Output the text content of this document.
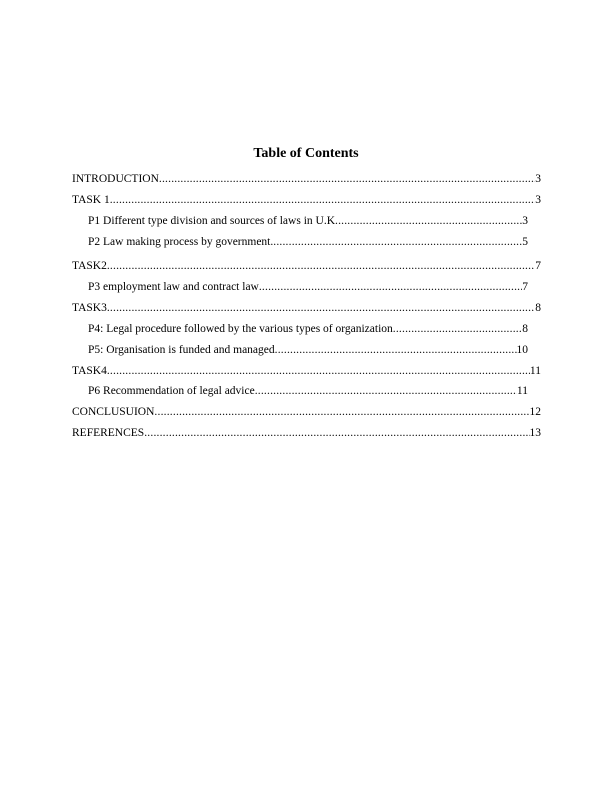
Table of Contents
INTRODUCTION .....	3
TASK 1 .....	3
P1 Different type division and sources of laws in U.K .....	3
P2 Law making process by government. .....	5
TASK2 .....	7
P3 employment law and contract law .....	7
TASK3 .....	8
P4: Legal procedure followed by the various types of organization .....	8
P5: Organisation is funded and managed .....	10
TASK4 .....	11
P6 Recommendation of legal advice .....	11
CONCLUSUION .....	12
REFERENCES .....	13
